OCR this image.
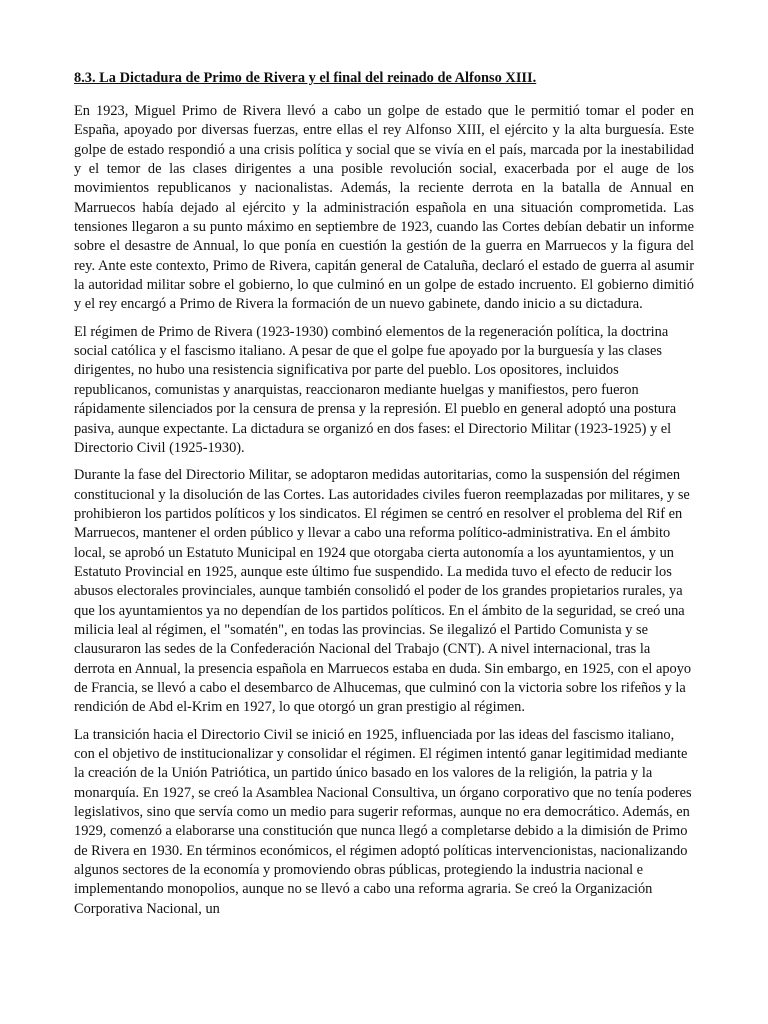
8.3. La Dictadura de Primo de Rivera y el final del reinado de Alfonso XIII.

En 1923, Miguel Primo de Rivera llevó a cabo un golpe de estado que le permitió tomar el poder en España, apoyado por diversas fuerzas, entre ellas el rey Alfonso XIII, el ejército y la alta burguesía. Este golpe de estado respondió a una crisis política y social que se vivía en el país, marcada por la inestabilidad y el temor de las clases dirigentes a una posible revolución social, exacerbada por el auge de los movimientos republicanos y nacionalistas. Además, la reciente derrota en la batalla de Annual en Marruecos había dejado al ejército y la administración española en una situación comprometida. Las tensiones llegaron a su punto máximo en septiembre de 1923, cuando las Cortes debían debatir un informe sobre el desastre de Annual, lo que ponía en cuestión la gestión de la guerra en Marruecos y la figura del rey. Ante este contexto, Primo de Rivera, capitán general de Cataluña, declaró el estado de guerra al asumir la autoridad militar sobre el gobierno, lo que culminó en un golpe de estado incruento. El gobierno dimitió y el rey encargó a Primo de Rivera la formación de un nuevo gabinete, dando inicio a su dictadura.

El régimen de Primo de Rivera (1923-1930) combinó elementos de la regeneración política, la doctrina social católica y el fascismo italiano. A pesar de que el golpe fue apoyado por la burguesía y las clases dirigentes, no hubo una resistencia significativa por parte del pueblo. Los opositores, incluidos republicanos, comunistas y anarquistas, reaccionaron mediante huelgas y manifiestos, pero fueron rápidamente silenciados por la censura de prensa y la represión. El pueblo en general adoptó una postura pasiva, aunque expectante. La dictadura se organizó en dos fases: el Directorio Militar (1923-1925) y el Directorio Civil (1925-1930).

Durante la fase del Directorio Militar, se adoptaron medidas autoritarias, como la suspensión del régimen constitucional y la disolución de las Cortes. Las autoridades civiles fueron reemplazadas por militares, y se prohibieron los partidos políticos y los sindicatos. El régimen se centró en resolver el problema del Rif en Marruecos, mantener el orden público y llevar a cabo una reforma político-administrativa. En el ámbito local, se aprobó un Estatuto Municipal en 1924 que otorgaba cierta autonomía a los ayuntamientos, y un Estatuto Provincial en 1925, aunque este último fue suspendido. La medida tuvo el efecto de reducir los abusos electorales provinciales, aunque también consolidó el poder de los grandes propietarios rurales, ya que los ayuntamientos ya no dependían de los partidos políticos. En el ámbito de la seguridad, se creó una milicia leal al régimen, el "somatén", en todas las provincias. Se ilegalizó el Partido Comunista y se clausuraron las sedes de la Confederación Nacional del Trabajo (CNT). A nivel internacional, tras la derrota en Annual, la presencia española en Marruecos estaba en duda. Sin embargo, en 1925, con el apoyo de Francia, se llevó a cabo el desembarco de Alhucemas, que culminó con la victoria sobre los rifeños y la rendición de Abd el-Krim en 1927, lo que otorgó un gran prestigio al régimen.

La transición hacia el Directorio Civil se inició en 1925, influenciada por las ideas del fascismo italiano, con el objetivo de institucionalizar y consolidar el régimen. El régimen intentó ganar legitimidad mediante la creación de la Unión Patriótica, un partido único basado en los valores de la religión, la patria y la monarquía. En 1927, se creó la Asamblea Nacional Consultiva, un órgano corporativo que no tenía poderes legislativos, sino que servía como un medio para sugerir reformas, aunque no era democrático. Además, en 1929, comenzó a elaborarse una constitución que nunca llegó a completarse debido a la dimisión de Primo de Rivera en 1930. En términos económicos, el régimen adoptó políticas intervencionistas, nacionalizando algunos sectores de la economía y promoviendo obras públicas, protegiendo la industria nacional e implementando monopolios, aunque no se llevó a cabo una reforma agraria. Se creó la Organización Corporativa Nacional, un
